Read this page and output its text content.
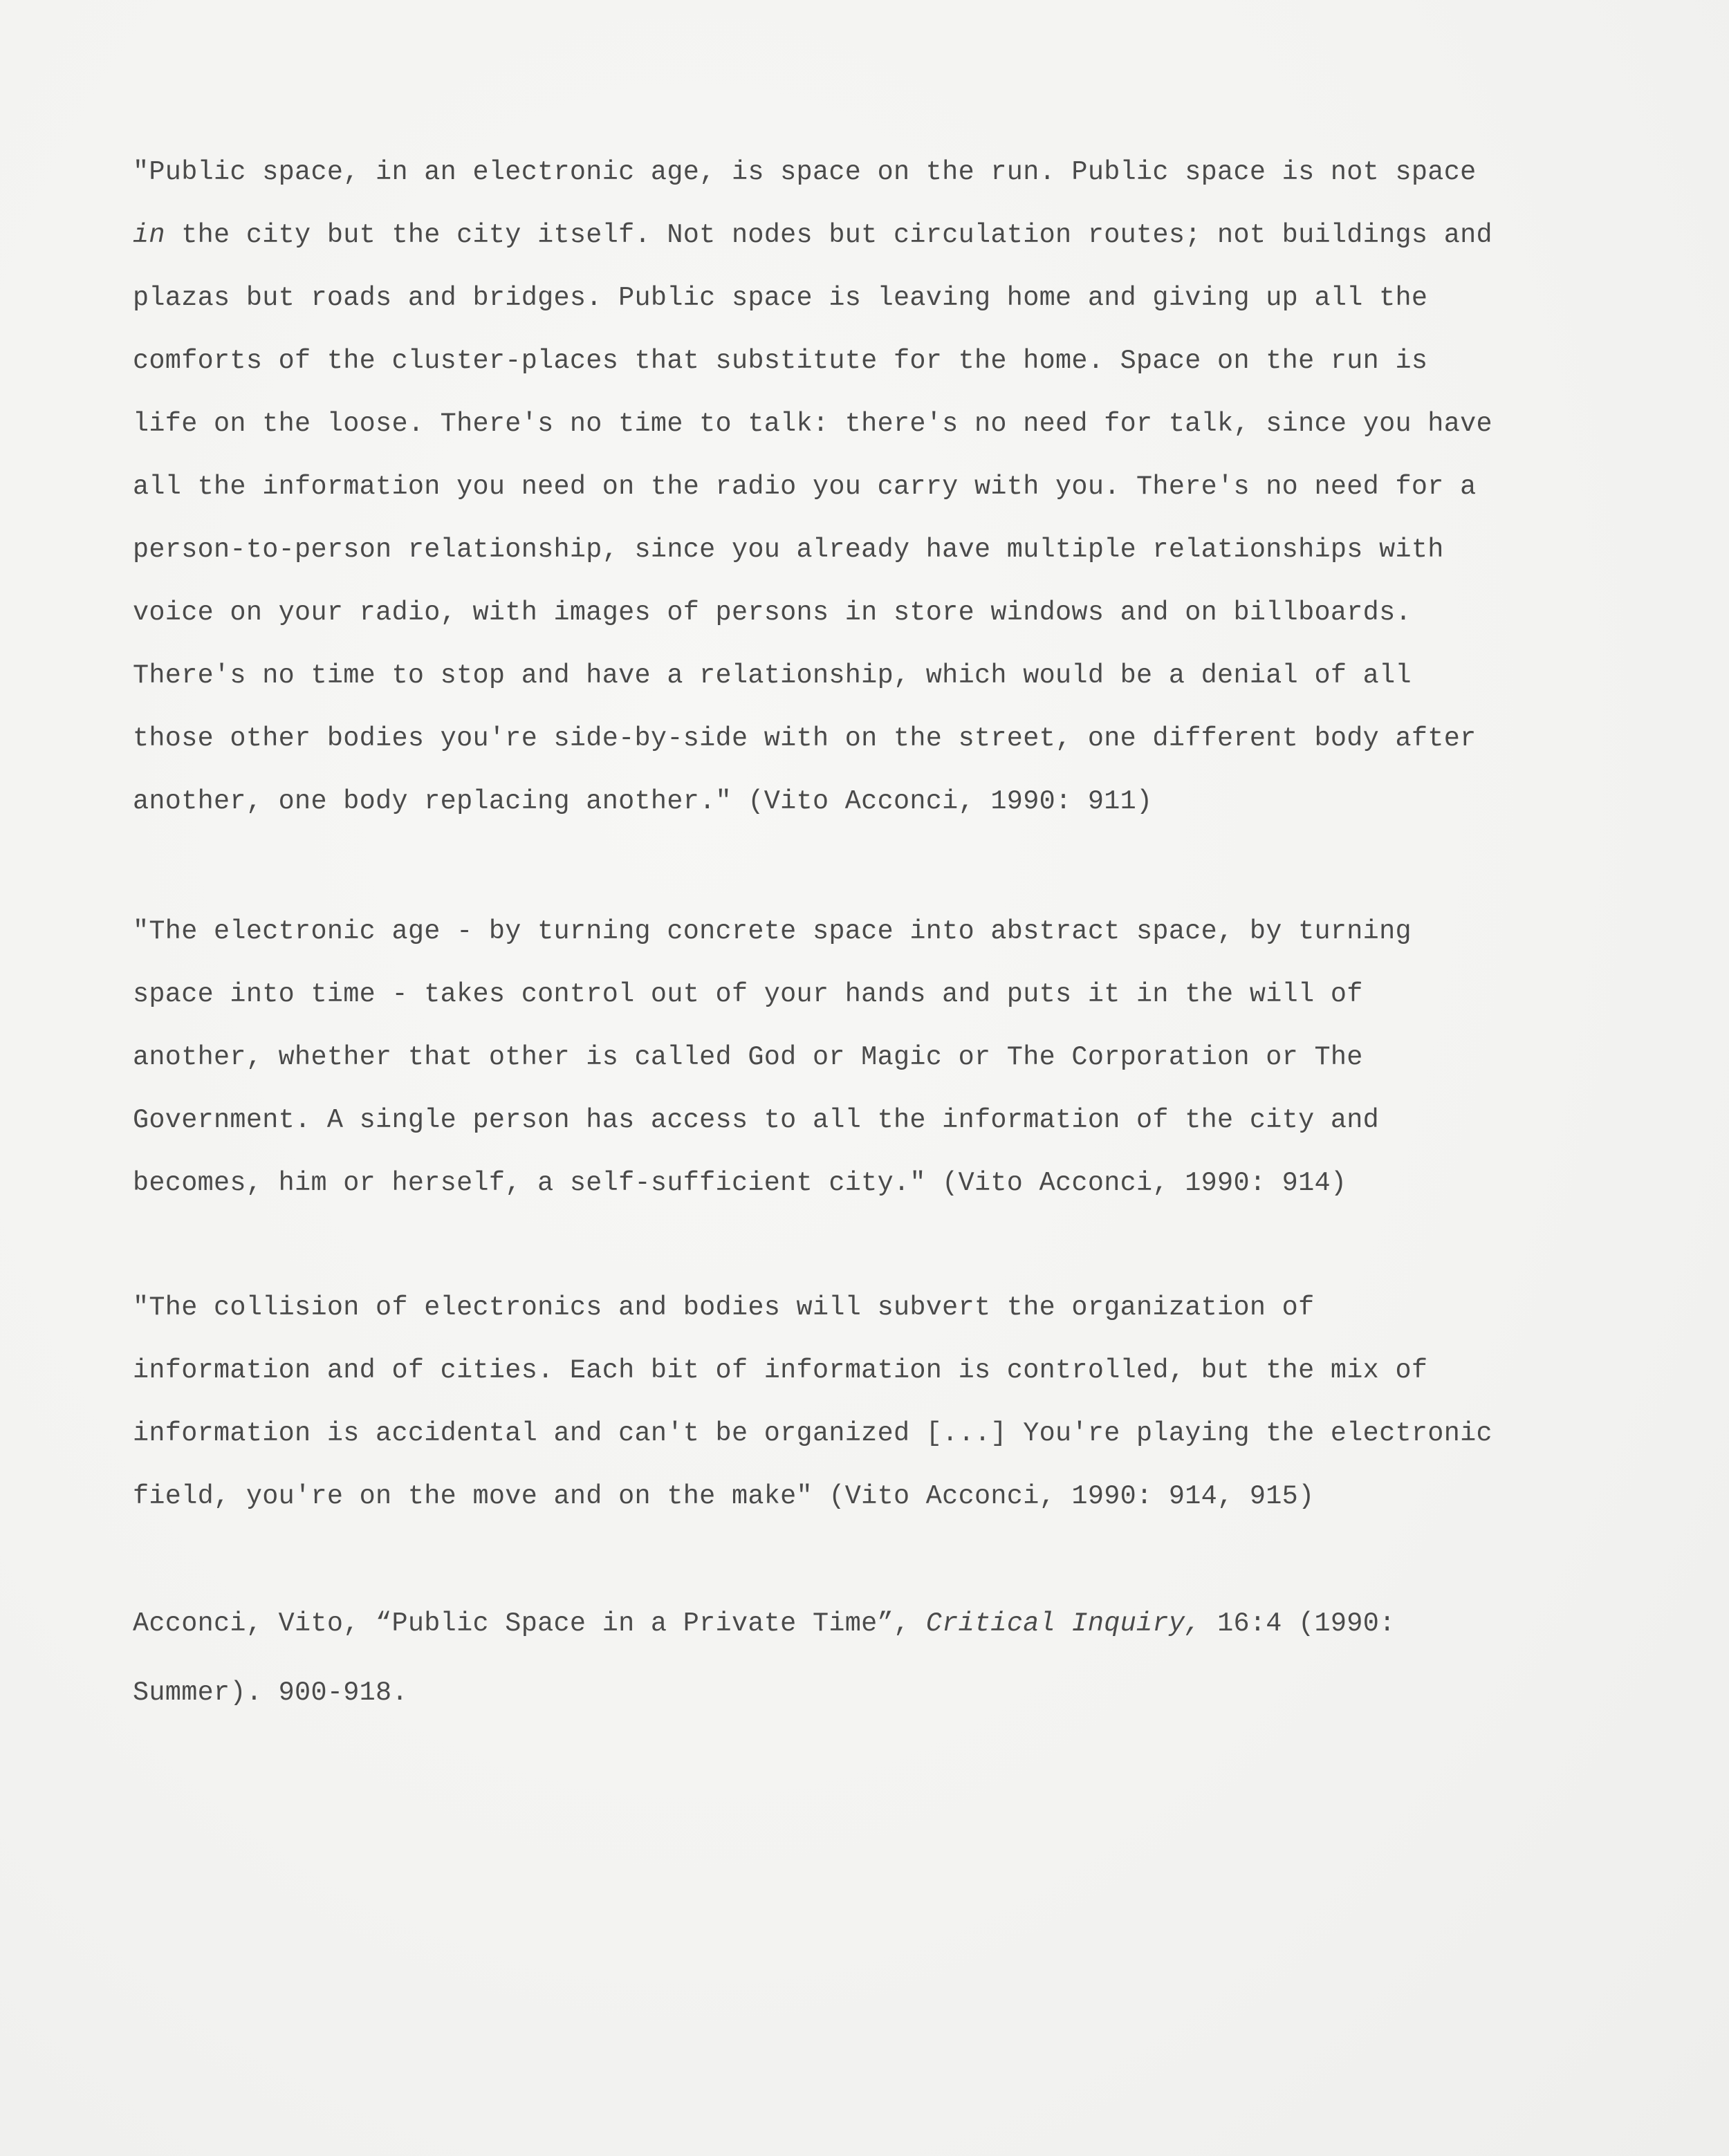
"Public space, in an electronic age, is space on the run. Public space is not space
in the city but the city itself. Not nodes but circulation routes; not buildings and
plazas but roads and bridges. Public space is leaving home and giving up all the
comforts of the cluster-places that substitute for the home. Space on the run is
life on the loose. There's no time to talk: there's no need for talk, since you have
all the information you need on the radio you carry with you. There's no need for a
person-to-person relationship, since you already have multiple relationships with
voice on your radio, with images of persons in store windows and on billboards.
There's no time to stop and have a relationship, which would be a denial of all
those other bodies you're side-by-side with on the street, one different body after
another, one body replacing another." (Vito Acconci, 1990: 911)
"The electronic age - by turning concrete space into abstract space, by turning
space into time - takes control out of your hands and puts it in the will of
another, whether that other is called God or Magic or The Corporation or The
Government. A single person has access to all the information of the city and
becomes, him or herself, a self-sufficient city." (Vito Acconci, 1990: 914)
"The collision of electronics and bodies will subvert the organization of
information and of cities. Each bit of information is controlled, but the mix of
information is accidental and can't be organized [...] You're playing the electronic
field, you're on the move and on the make" (Vito Acconci, 1990: 914, 915)
Acconci, Vito, “Public Space in a Private Time”, Critical Inquiry, 16:4 (1990:
Summer). 900-918.
